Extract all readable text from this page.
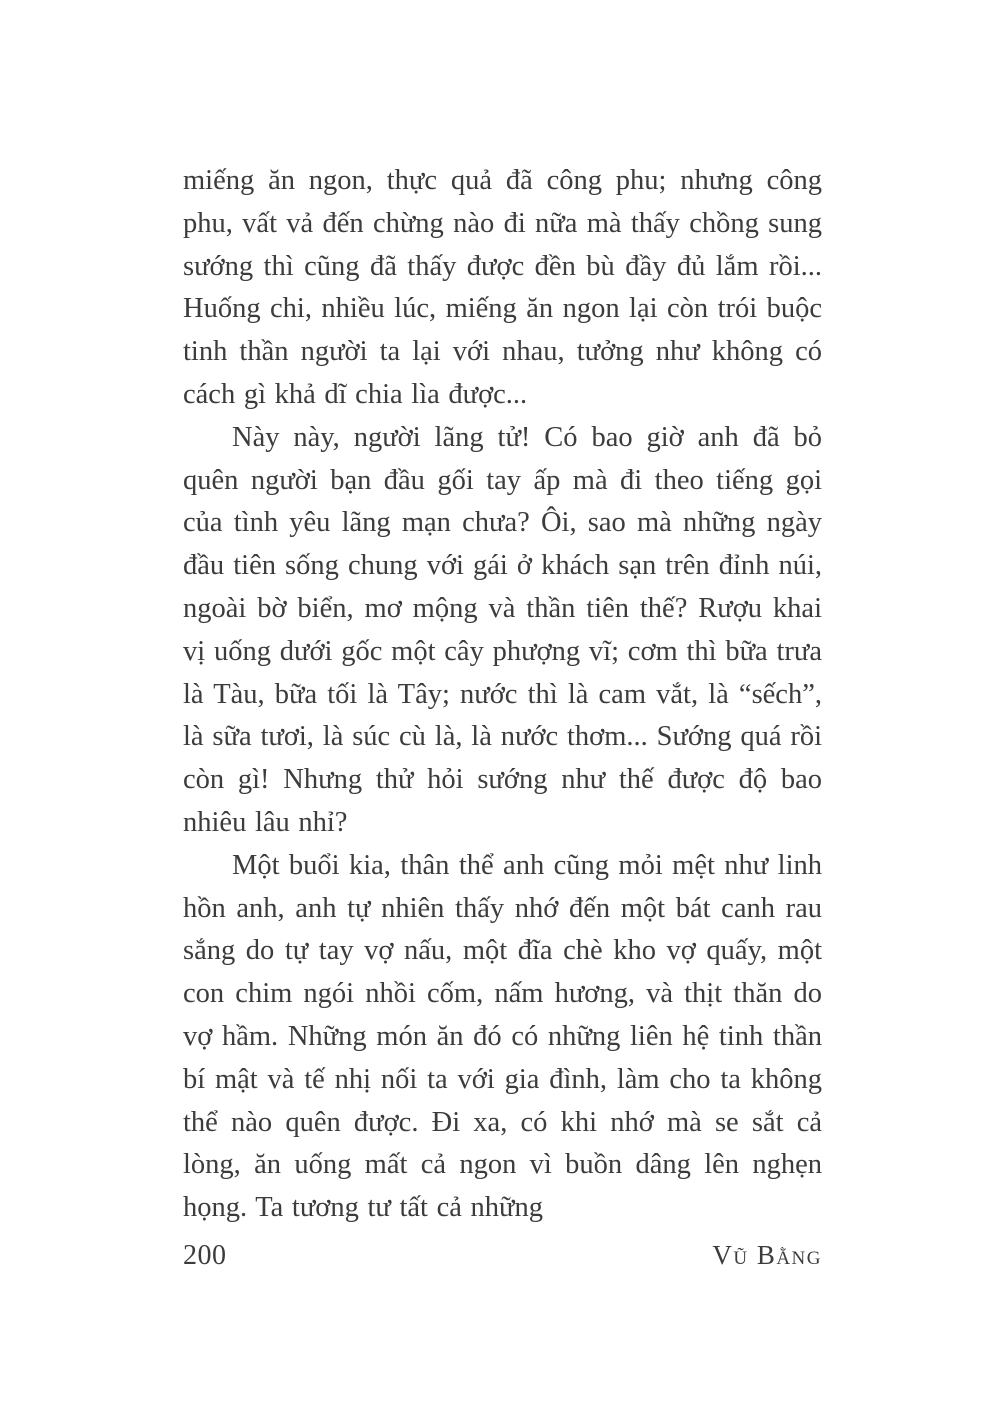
miếng ăn ngon, thực quả đã công phu; nhưng công phu, vất vả đến chừng nào đi nữa mà thấy chồng sung sướng thì cũng đã thấy được đền bù đầy đủ lắm rồi... Huống chi, nhiều lúc, miếng ăn ngon lại còn trói buộc tinh thần người ta lại với nhau, tưởng như không có cách gì khả dĩ chia lìa được...

Này này, người lãng tử! Có bao giờ anh đã bỏ quên người bạn đầu gối tay ấp mà đi theo tiếng gọi của tình yêu lãng mạn chưa? Ôi, sao mà những ngày đầu tiên sống chung với gái ở khách sạn trên đỉnh núi, ngoài bờ biển, mơ mộng và thần tiên thế? Rượu khai vị uống dưới gốc một cây phượng vĩ; cơm thì bữa trưa là Tàu, bữa tối là Tây; nước thì là cam vắt, là “sếch”, là sữa tươi, là súc cù là, là nước thơm... Sướng quá rồi còn gì! Nhưng thử hỏi sướng như thế được độ bao nhiêu lâu nhỉ?

Một buổi kia, thân thể anh cũng mỏi mệt như linh hồn anh, anh tự nhiên thấy nhớ đến một bát canh rau sắng do tự tay vợ nấu, một đĩa chè kho vợ quấy, một con chim ngói nhồi cốm, nấm hương, và thịt thăn do vợ hầm. Những món ăn đó có những liên hệ tinh thần bí mật và tế nhị nối ta với gia đình, làm cho ta không thể nào quên được. Đi xa, có khi nhớ mà se sắt cả lòng, ăn uống mất cả ngon vì buồn dâng lên nghẹn họng. Ta tương tư tất cả những

200	Vũ Bằng
